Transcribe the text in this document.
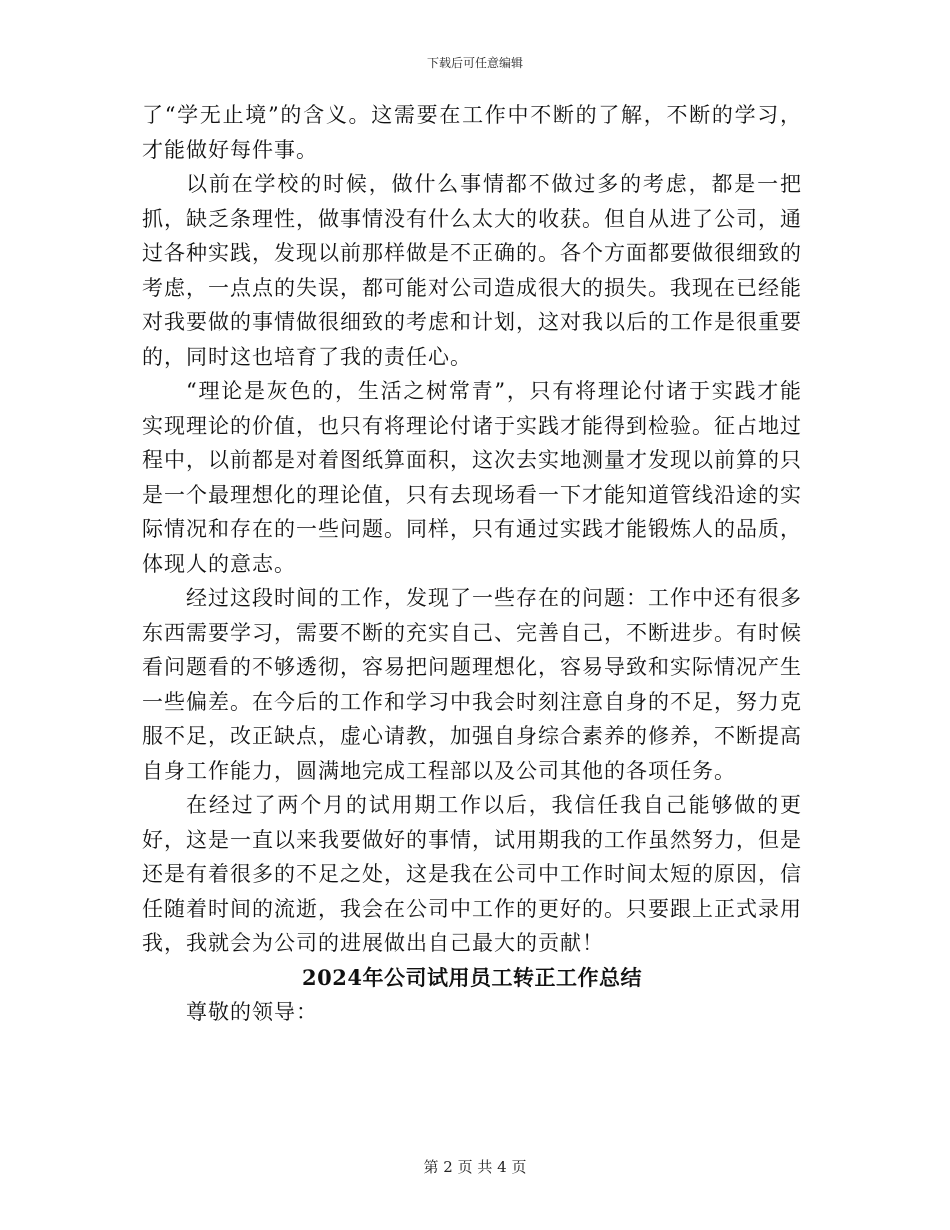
下载后可任意编辑

了“学无止境”的含义。这需要在工作中不断的了解，不断的学习，才能做好每件事。

以前在学校的时候，做什么事情都不做过多的考虑，都是一把抓，缺乏条理性，做事情没有什么太大的收获。但自从进了公司，通过各种实践，发现以前那样做是不正确的。各个方面都要做很细致的考虑，一点点的失误，都可能对公司造成很大的损失。我现在已经能对我要做的事情做很细致的考虑和计划，这对我以后的工作是很重要的，同时这也培育了我的责任心。

“理论是灰色的，生活之树常青”，只有将理论付诸于实践才能实现理论的价值，也只有将理论付诸于实践才能得到检验。征占地过程中，以前都是对着图纸算面积，这次去实地测量才发现以前算的只是一个最理想化的理论值，只有去现场看一下才能知道管线沿途的实际情况和存在的一些问题。同样，只有通过实践才能锻炼人的品质，体现人的意志。

经过这段时间的工作，发现了一些存在的问题：工作中还有很多东西需要学习，需要不断的充实自己、完善自己，不断进步。有时候看问题看的不够透彻，容易把问题理想化，容易导致和实际情况产生一些偏差。在今后的工作和学习中我会时刻注意自身的不足，努力克服不足，改正缺点，虚心请教，加强自身综合素养的修养，不断提高自身工作能力，圆满地完成工程部以及公司其他的各项任务。

在经过了两个月的试用期工作以后，我信任我自己能够做的更好，这是一直以来我要做好的事情，试用期我的工作虽然努力，但是还是有着很多的不足之处，这是我在公司中工作时间太短的原因，信任随着时间的流逝，我会在公司中工作的更好的。只要跟上正式录用我，我就会为公司的进展做出自己最大的贡献！

2024年公司试用员工转正工作总结

尊敬的领导：

第 2 页 共 4 页
